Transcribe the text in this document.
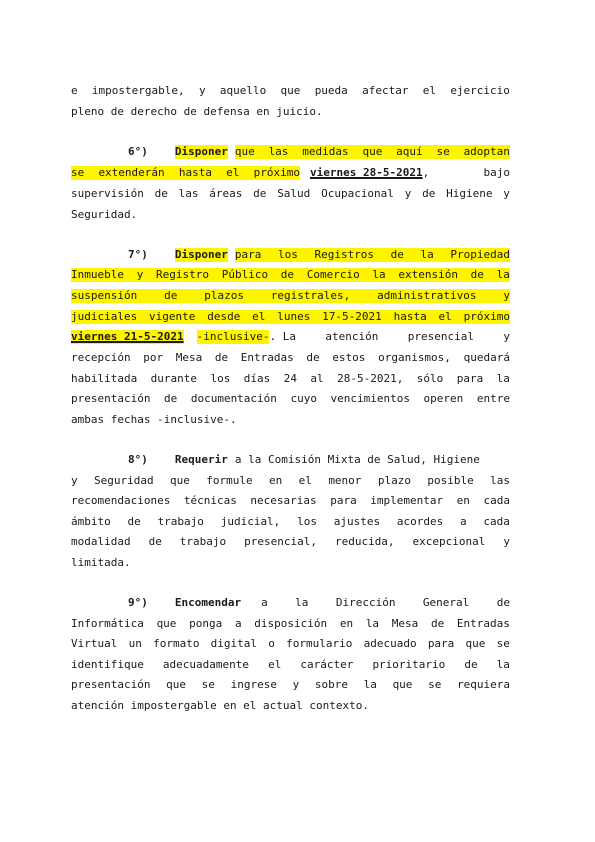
e impostergable, y aquello que pueda afectar el ejercicio
pleno de derecho de defensa en juicio.
6°) Disponer que las medidas que aquí se adoptan
se extenderán hasta el próximo viernes 28-5-2021 ,	bajo
supervisión de las áreas de Salud Ocupacional y de Higiene y
Seguridad.
7°) Disponer para los Registros de la Propiedad
Inmueble y Registro Público de Comercio la extensión de la
suspensión de plazos registrales, administrativos y
judiciales vigente desde el lunes 17-5-2021 hasta el próximo
viernes 21-5-2021 -inclusive- . La	atención	presencial	y
recepción por Mesa de Entradas de estos organismos, quedará
habilitada durante los días 24 al 28-5-2021, sólo para la
presentación de documentación cuyo vencimientos operen entre
ambas fechas -inclusive-.
8°) Requerir a la Comisión Mixta de Salud, Higiene
y Seguridad que formule en el menor plazo posible las
recomendaciones técnicas necesarias para implementar en cada
ámbito de trabajo judicial, los ajustes acordes a cada
modalidad de trabajo presencial, reducida, excepcional y
limitada.
9°) Encomendar a la Dirección General de
Informática que ponga a disposición en la Mesa de Entradas
Virtual un formato digital o formulario adecuado para que se
identifique adecuadamente el carácter prioritario de la
presentación que se ingrese y sobre la que se requiera
atención impostergable en el actual contexto.
